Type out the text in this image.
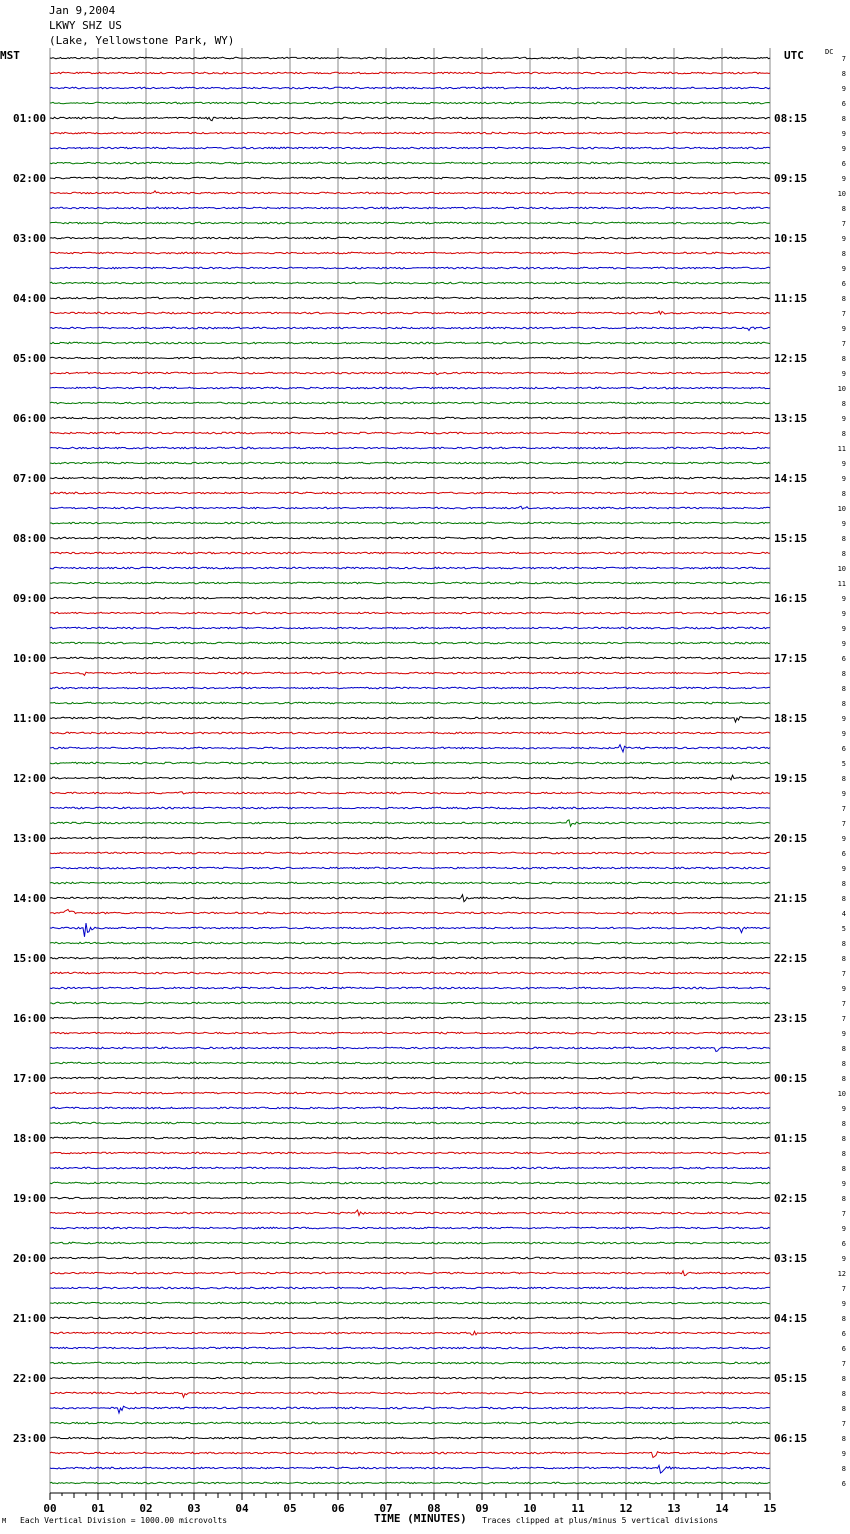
Jan 9,2004
LKWY SHZ US
(Lake, Yellowstone Park, WY)
MST	UTC	DC
01:00
02:00
03:00
04:00
05:00
06:00
07:00
08:00
09:00
10:00
11:00
12:00
13:00
14:00
15:00
16:00
17:00
18:00
19:00
20:00
21:00
22:00
23:00
08:15
09:15
10:15
11:15
12:15
13:15
14:15
15:15
16:15
17:15
18:15
19:15
20:15
21:15
22:15
23:15
00:15
01:15
02:15
03:15
04:15
05:15
06:15
7
8
9
6
8
9
9
6
9
10
8
7
9
8
9
6
8
7
9
7
8
9
10
8
9
8
11
9
9
8
10
9
8
8
10
11
9
9
9
9
6
8
8
8
9
9
6
5
8
9
7
7
9
6
9
8
8
4
5
8
8
7
9
7
7
9
8
8
8
10
9
8
8
8
8
9
8
7
9
6
9
12
7
9
8
6
6
7
8
8
8
7
8
9
8
6
00	01	02	03	04	05	06	07	08	09	10	11	12	13	14	15
M Each Vertical Division = 1000.00 microvolts	TIME (MINUTES) Traces clipped at plus/minus 5 vertical divisions
